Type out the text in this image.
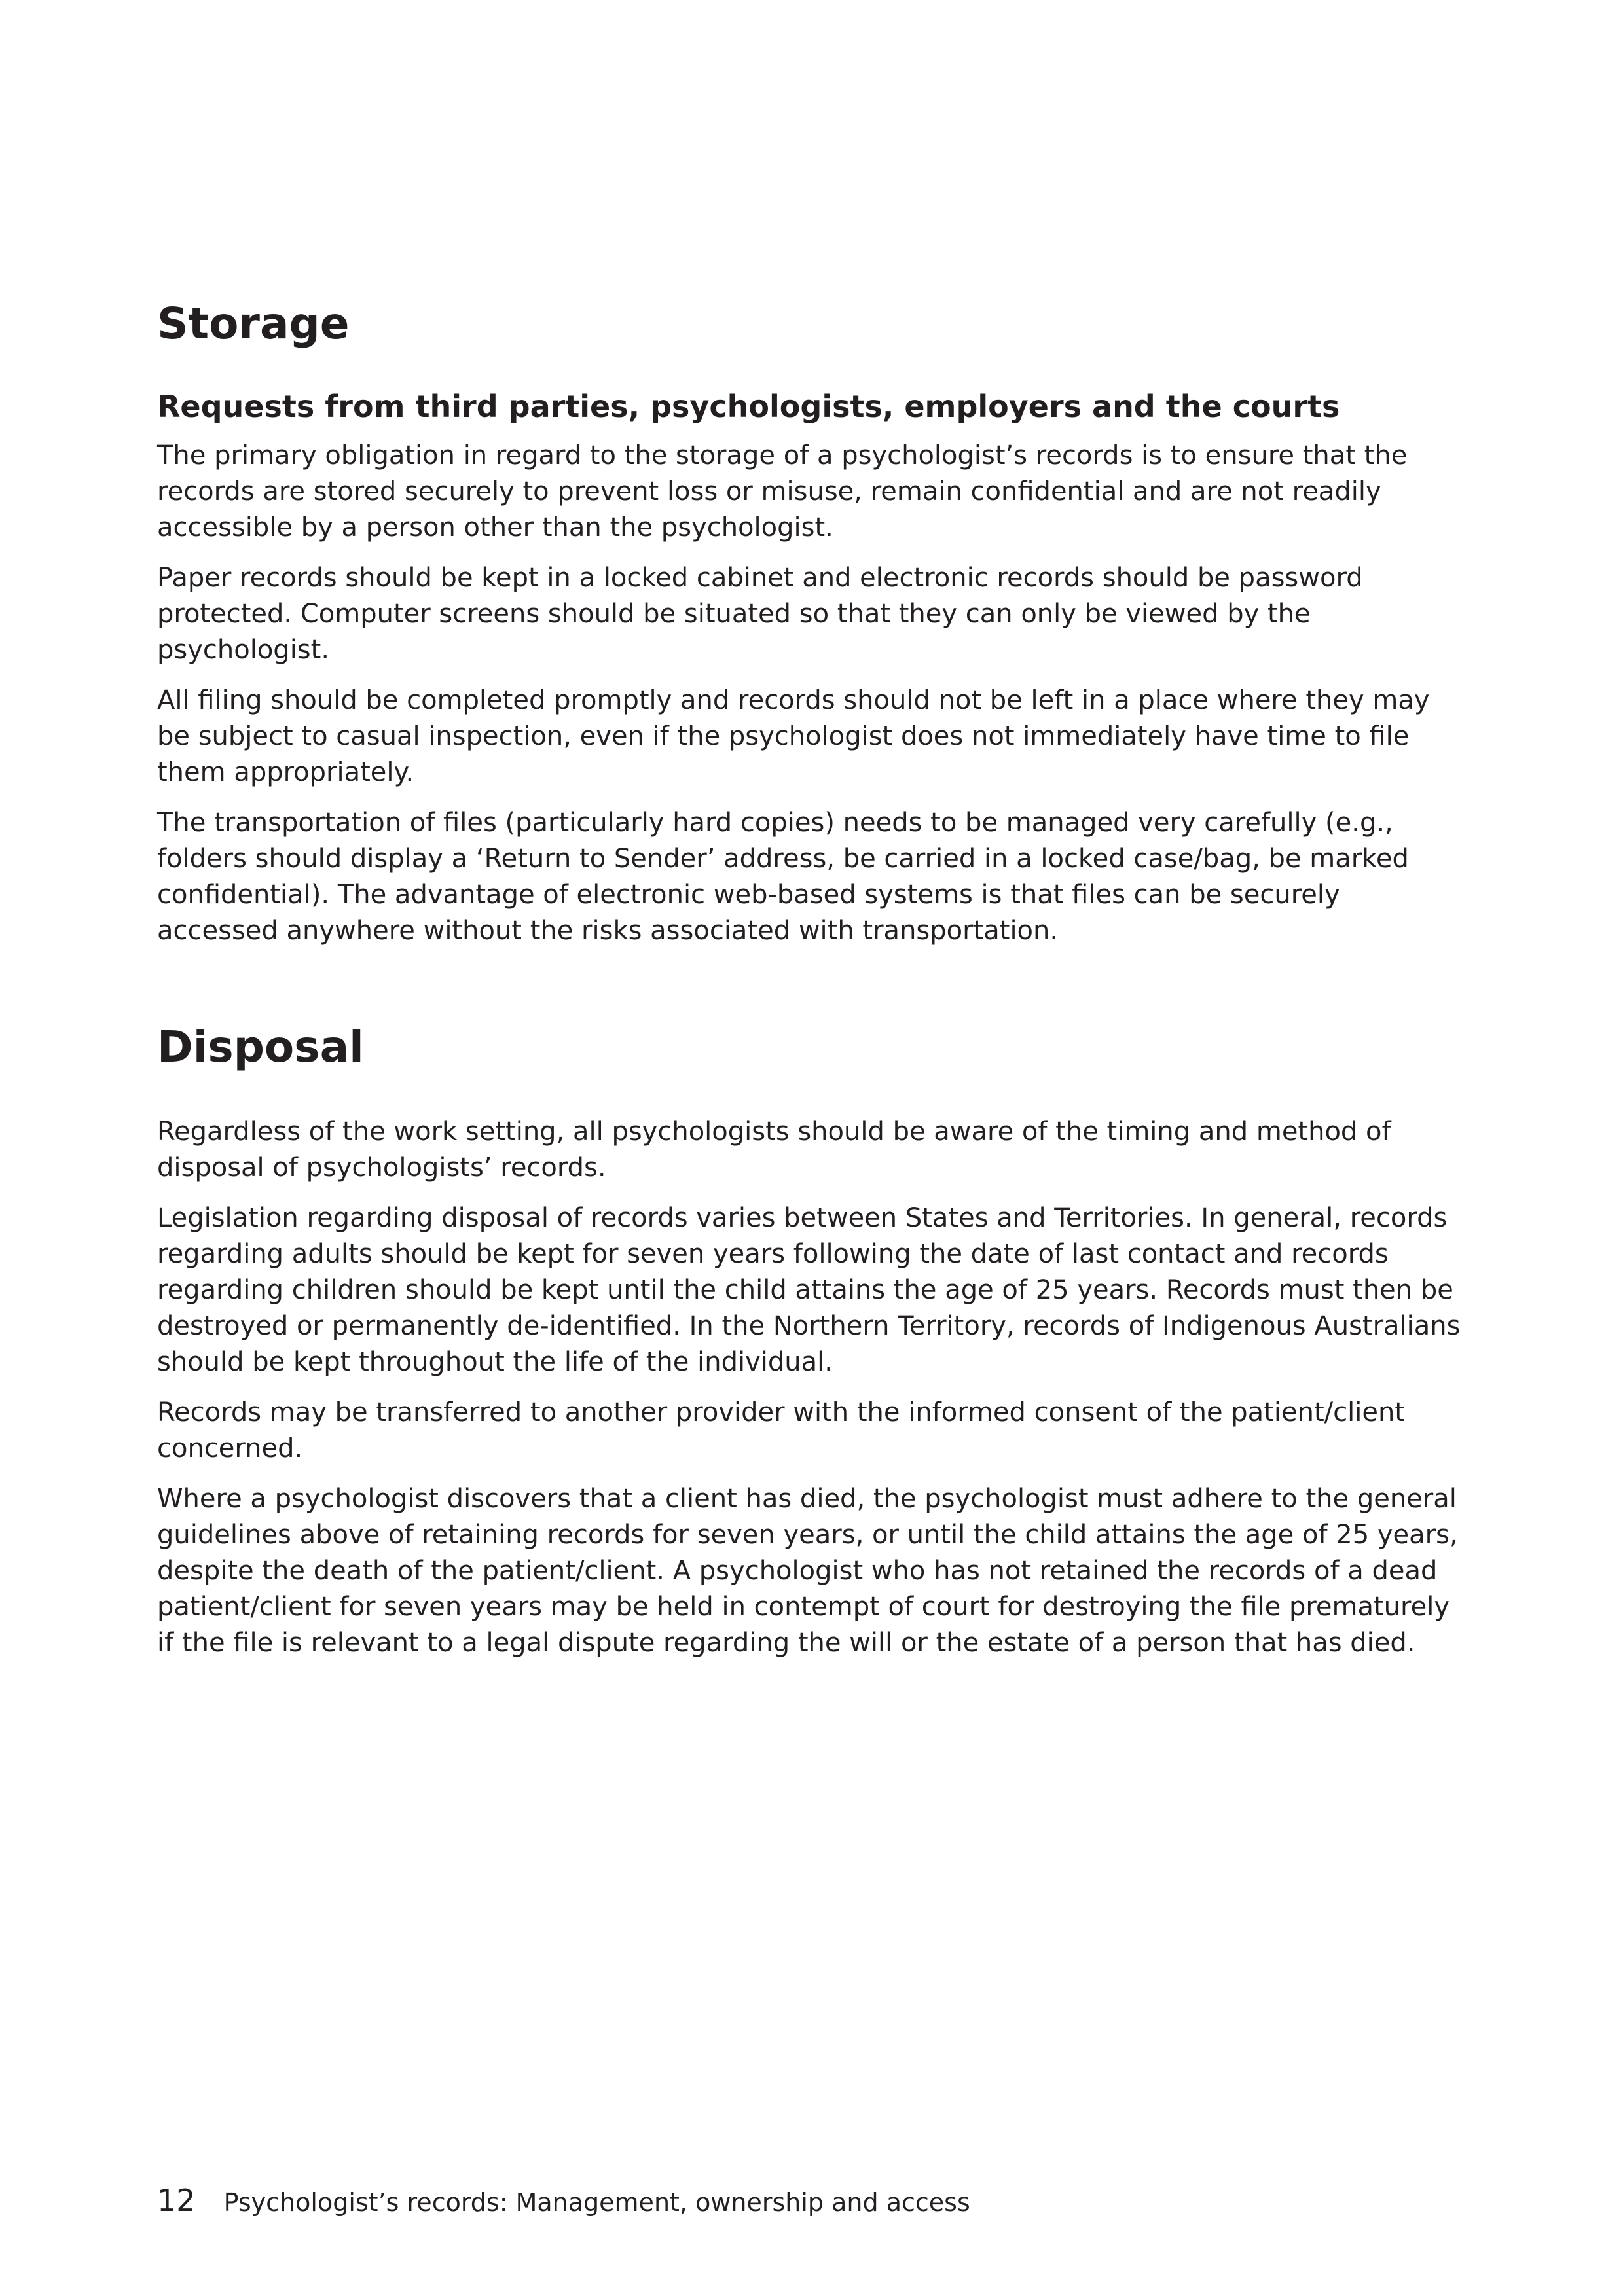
Storage
Requests from third parties, psychologists, employers and the courts

The primary obligation in regard to the storage of a psychologist’s records is to ensure that the records are stored securely to prevent loss or misuse, remain confidential and are not readily accessible by a person other than the psychologist.

Paper records should be kept in a locked cabinet and electronic records should be password protected. Computer screens should be situated so that they can only be viewed by the psychologist.

All filing should be completed promptly and records should not be left in a place where they may be subject to casual inspection, even if the psychologist does not immediately have time to file them appropriately.

The transportation of files (particularly hard copies) needs to be managed very carefully (e.g., folders should display a ‘Return to Sender’ address, be carried in a locked case/bag, be marked confidential). The advantage of electronic web-based systems is that files can be securely accessed anywhere without the risks associated with transportation.

Disposal

Regardless of the work setting, all psychologists should be aware of the timing and method of disposal of psychologists’ records.

Legislation regarding disposal of records varies between States and Territories. In general, records regarding adults should be kept for seven years following the date of last contact and records regarding children should be kept until the child attains the age of 25 years. Records must then be destroyed or permanently de-identified. In the Northern Territory, records of Indigenous Australians should be kept throughout the life of the individual.

Records may be transferred to another provider with the informed consent of the patient/client concerned.

Where a psychologist discovers that a client has died, the psychologist must adhere to the general guidelines above of retaining records for seven years, or until the child attains the age of 25 years, despite the death of the patient/client. A psychologist who has not retained the records of a dead patient/client for seven years may be held in contempt of court for destroying the file prematurely if the file is relevant to a legal dispute regarding the will or the estate of a person that has died.

12 Psychologist’s records: Management, ownership and access
